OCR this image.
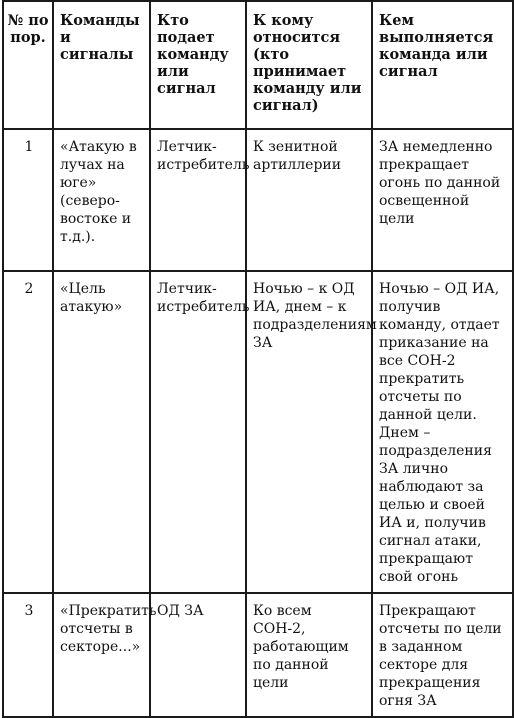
№ по пор.	Команды и сигналы	Кто подает команду или сигнал	К кому относится (кто принимает команду или сигнал)	Кем выполняется команда или сигнал
1	«Атакую в лучах на юге» (северо-востоке и т.д.).	Летчик-истребитель	К зенитной артиллерии	ЗА немедленно прекращает огонь по данной освещенной цели
2	«Цель атакую»	Летчик-истребитель	Ночью – к ОД ИА, днем – к подразделениям ЗА	Ночью – ОД ИА, получив команду, отдает приказание на все СОН-2 прекратить отсчеты по данной цели. Днем – подразделения ЗА лично наблюдают за целью и своей ИА и, получив сигнал атаки, прекращают свой огонь
3	«Прекратить отсчеты в секторе...»	ОД ЗА	Ко всем СОН-2, работающим по данной цели	Прекращают отсчеты по цели в заданном секторе для прекращения огня ЗА
